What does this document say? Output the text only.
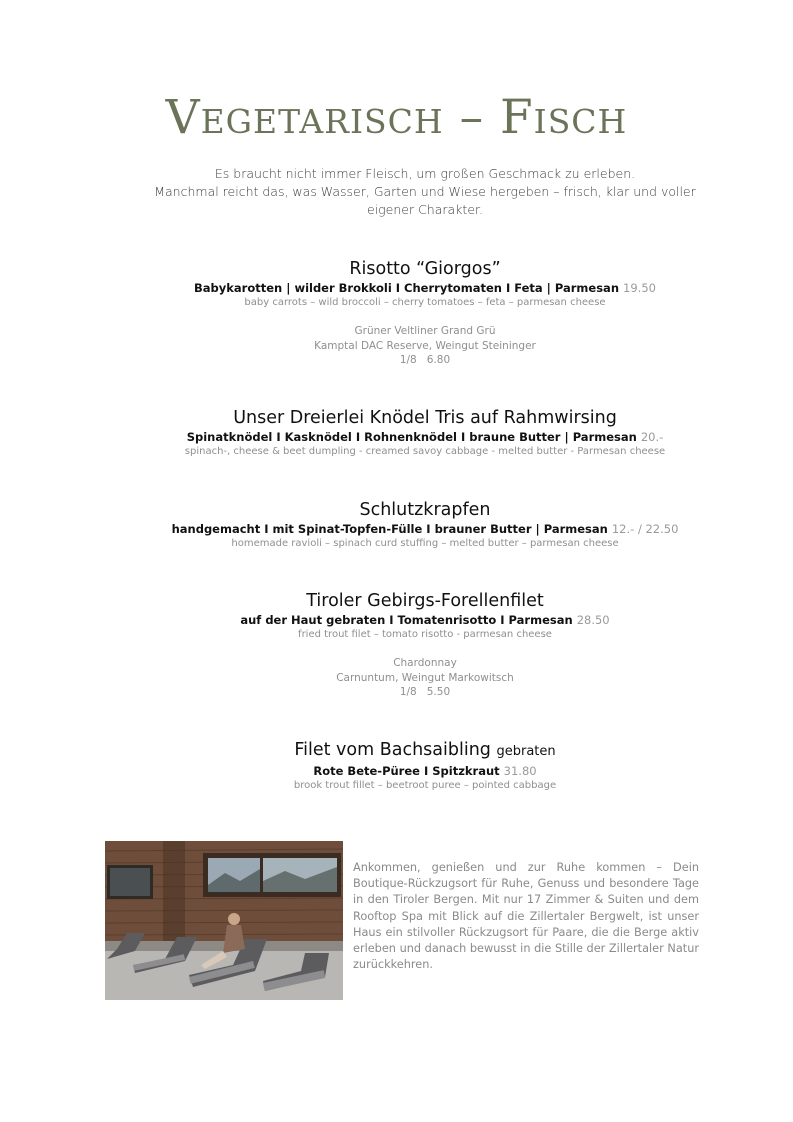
Vegetarisch – Fisch
Es braucht nicht immer Fleisch, um großen Geschmack zu erleben.
Manchmal reicht das, was Wasser, Garten und Wiese hergeben – frisch, klar und voller eigener Charakter.
Risotto “Giorgos”
Babykarotten | wilder Brokkoli I Cherrytomaten I Feta | Parmesan 19.50
baby carrots – wild broccoli – cherry tomatoes – feta – parmesan cheese
Grüner Veltliner Grand Grü
Kamptal DAC Reserve, Weingut Steininger
1/8   6.80
Unser Dreierlei Knödel Tris auf Rahmwirsing
Spinatknödel I Kasknödel I Rohnenknödel I braune Butter | Parmesan 20.-
spinach-, cheese & beet dumpling - creamed savoy cabbage - melted butter - Parmesan cheese
Schlutzkrapfen
handgemacht I mit Spinat-Topfen-Fülle I brauner Butter | Parmesan 12.- / 22.50
homemade ravioli – spinach curd stuffing – melted butter – parmesan cheese
Tiroler Gebirgs-Forellenfilet
auf der Haut gebraten I Tomatenrisotto I Parmesan 28.50
fried trout filet – tomato risotto - parmesan cheese
Chardonnay
Carnuntum, Weingut Markowitsch
1/8   5.50
Filet vom Bachsaibling gebraten
Rote Bete-Püree I Spitzkraut 31.80
brook trout fillet – beetroot puree – pointed cabbage
Ankommen, genießen und zur Ruhe kommen – Dein Boutique-Rückzugsort für Ruhe, Genuss und besondere Tage in den Tiroler Bergen. Mit nur 17 Zimmer & Suiten und dem Rooftop Spa mit Blick auf die Zillertaler Bergwelt, ist unser Haus ein stilvoller Rückzugsort für Paare, die die Berge aktiv erleben und danach bewusst in die Stille der Zillertaler Natur zurückkehren.
